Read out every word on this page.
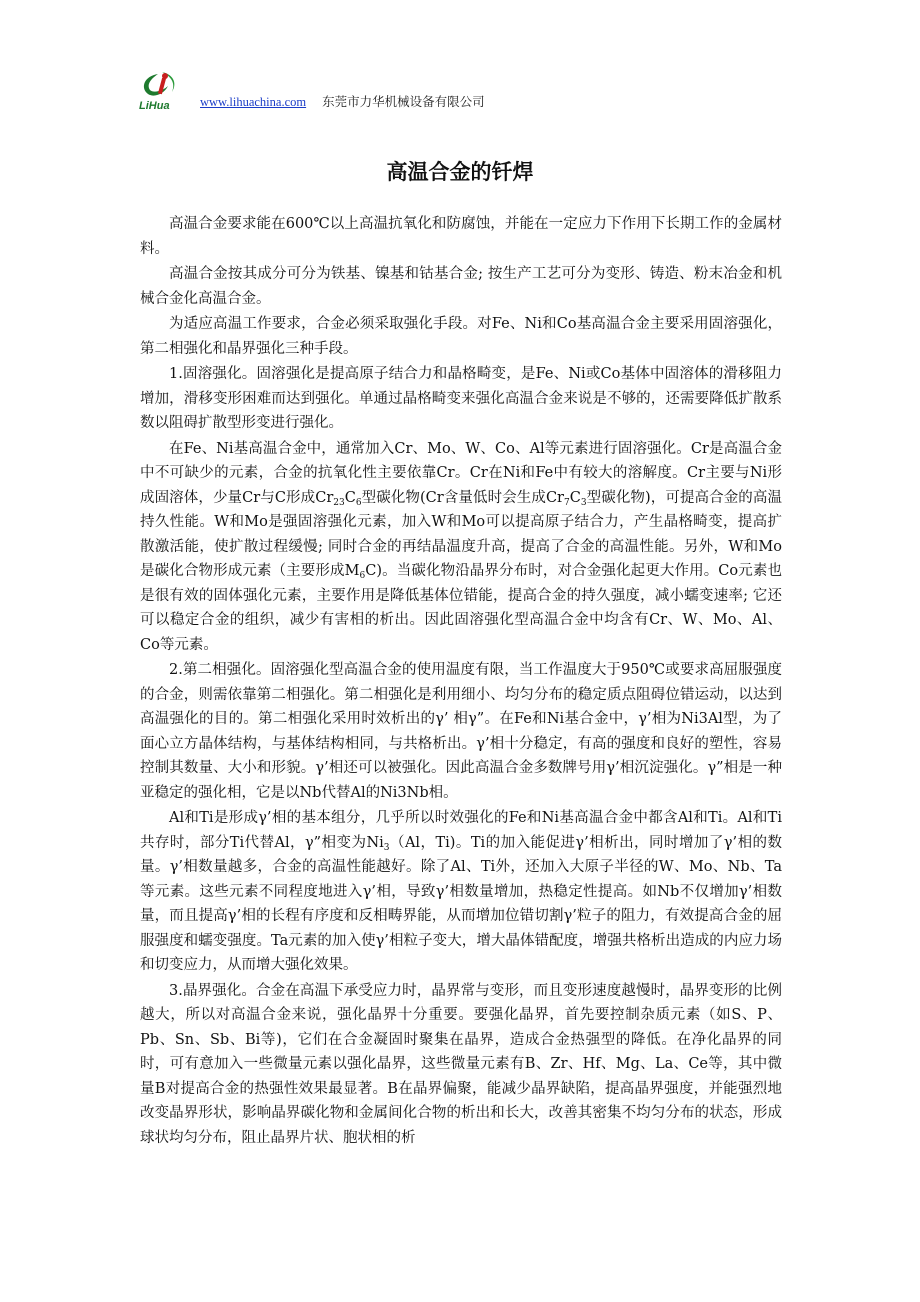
LiHua www.lihuachina.com 东莞市力华机械设备有限公司
高温合金的钎焊

高温合金要求能在600℃以上高温抗氧化和防腐蚀，并能在一定应力下作用下长期工作的金属材料。

高温合金按其成分可分为铁基、镍基和钴基合金; 按生产工艺可分为变形、铸造、粉末冶金和机械合金化高温合金。

为适应高温工作要求，合金必须采取强化手段。对Fe、Ni和Co基高温合金主要采用固溶强化，第二相强化和晶界强化三种手段。

1.固溶强化。固溶强化是提高原子结合力和晶格畸变，是Fe、Ni或Co基体中固溶体的滑移阻力增加，滑移变形困难而达到强化。单通过晶格畸变来强化高温合金来说是不够的，还需要降低扩散系数以阻碍扩散型形变进行强化。

在Fe、Ni基高温合金中，通常加入Cr、Mo、W、Co、Al等元素进行固溶强化。Cr是高温合金中不可缺少的元素，合金的抗氧化性主要依靠Cr。Cr在Ni和Fe中有较大的溶解度。Cr主要与Ni形成固溶体，少量Cr与C形成$Cr_{23}C_6$型碳化物(Cr含量低时会生成$Cr_7C_3$型碳化物)，可提高合金的高温持久性能。W和Mo是强固溶强化元素，加入W和Mo可以提高原子结合力，产生晶格畸变，提高扩散激活能，使扩散过程缓慢; 同时合金的再结晶温度升高，提高了合金的高温性能。另外，W和Mo是碳化合物形成元素（主要形成$M_6C$)。当碳化物沿晶界分布时，对合金强化起更大作用。Co元素也是很有效的固体强化元素，主要作用是降低基体位错能，提高合金的持久强度，减小蠕变速率; 它还可以稳定合金的组织，减少有害相的析出。因此固溶强化型高温合金中均含有Cr、W、Mo、Al、Co等元素。

2.第二相强化。固溶强化型高温合金的使用温度有限，当工作温度大于950℃或要求高屈服强度的合金，则需依靠第二相强化。第二相强化是利用细小、均匀分布的稳定质点阻碍位错运动，以达到高温强化的目的。第二相强化采用时效析出的γ’ 相γ”。在Fe和Ni基合金中，γ’相为Ni3Al型，为了面心立方晶体结构，与基体结构相同，与共格析出。γ’相十分稳定，有高的强度和良好的塑性，容易控制其数量、大小和形貌。γ’相还可以被强化。因此高温合金多数牌号用γ’相沉淀强化。γ”相是一种亚稳定的强化相，它是以Nb代替Al的Ni3Nb相。

Al和Ti是形成γ’相的基本组分，几乎所以时效强化的Fe和Ni基高温合金中都含Al和Ti。Al和Ti共存时，部分Ti代替Al，γ”相变为$Ni_3(Al$，Ti)。Ti的加入能促进γ’相析出，同时增加了γ’相的数量。γ’相数量越多，合金的高温性能越好。除了Al、Ti外，还加入大原子半径的W、Mo、Nb、Ta等元素。这些元素不同程度地进入γ’相，导致γ’相数量增加，热稳定性提高。如Nb不仅增加γ’相数量，而且提高γ’相的长程有序度和反相畴界能，从而增加位错切割γ’粒子的阻力，有效提高合金的屈服强度和蠕变强度。Ta元素的加入使γ’相粒子变大，增大晶体错配度，增强共格析出造成的内应力场和切变应力，从而增大强化效果。

3.晶界强化。合金在高温下承受应力时，晶界常与变形，而且变形速度越慢时，晶界变形的比例越大，所以对高温合金来说，强化晶界十分重要。要强化晶界，首先要控制杂质元素（如S、P、Pb、Sn、Sb、Bi等)，它们在合金凝固时聚集在晶界，造成合金热强型的降低。在净化晶界的同时，可有意加入一些微量元素以强化晶界，这些微量元素有B、Zr、Hf、Mg、La、Ce等，其中微量B对提高合金的热强性效果最显著。B在晶界偏聚，能减少晶界缺陷，提高晶界强度，并能强烈地改变晶界形状，影响晶界碳化物和金属间化合物的析出和长大，改善其密集不均匀分布的状态，形成球状均匀分布，阻止晶界片状、胞状相的析
